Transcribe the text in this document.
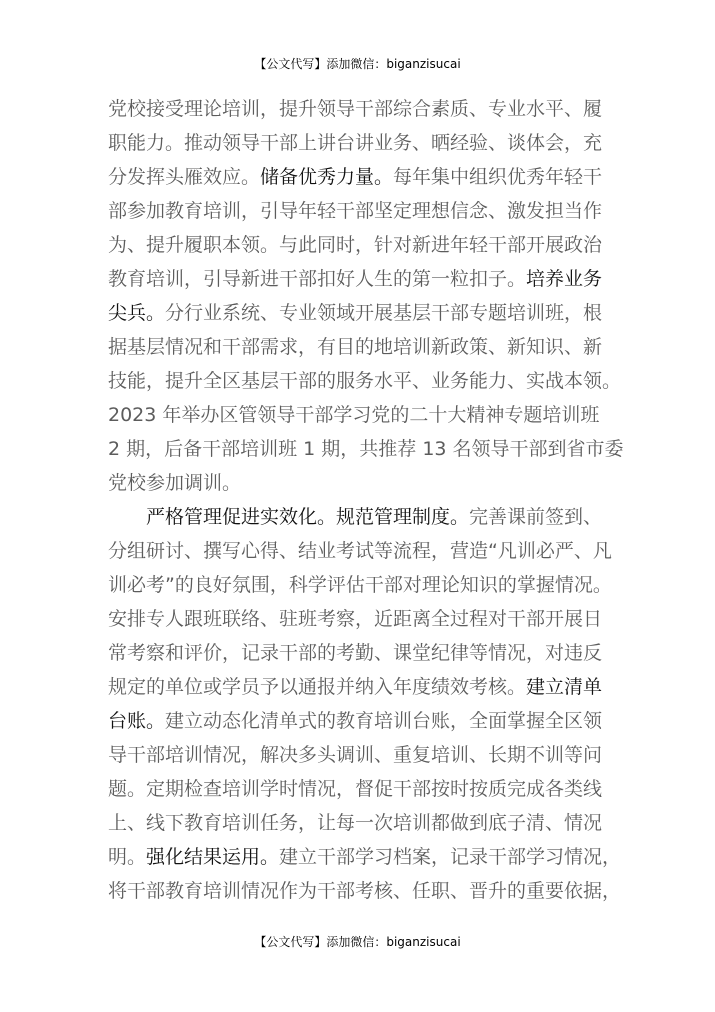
【公文代写】添加微信：biganzisucai
党校接受理论培训，提升领导干部综合素质、专业水平、履
职能力。推动领导干部上讲台讲业务、晒经验、谈体会，充
分发挥头雁效应。储备优秀力量。每年集中组织优秀年轻干
部参加教育培训，引导年轻干部坚定理想信念、激发担当作
为、提升履职本领。与此同时，针对新进年轻干部开展政治
教育培训，引导新进干部扣好人生的第一粒扣子。培养业务
尖兵。分行业系统、专业领域开展基层干部专题培训班，根
据基层情况和干部需求，有目的地培训新政策、新知识、新
技能，提升全区基层干部的服务水平、业务能力、实战本领。
2023 年举办区管领导干部学习党的二十大精神专题培训班
2 期，后备干部培训班 1 期，共推荐 13 名领导干部到省市委
党校参加调训。
严格管理促进实效化。规范管理制度。完善课前签到、
分组研讨、撰写心得、结业考试等流程，营造“凡训必严、凡
训必考”的良好氛围，科学评估干部对理论知识的掌握情况。
安排专人跟班联络、驻班考察，近距离全过程对干部开展日
常考察和评价，记录干部的考勤、课堂纪律等情况，对违反
规定的单位或学员予以通报并纳入年度绩效考核。建立清单
台账。建立动态化清单式的教育培训台账，全面掌握全区领
导干部培训情况，解决多头调训、重复培训、长期不训等问
题。定期检查培训学时情况，督促干部按时按质完成各类线
上、线下教育培训任务，让每一次培训都做到底子清、情况
明。强化结果运用。建立干部学习档案，记录干部学习情况，
将干部教育培训情况作为干部考核、任职、晋升的重要依据，
【公文代写】添加微信：biganzisucai
